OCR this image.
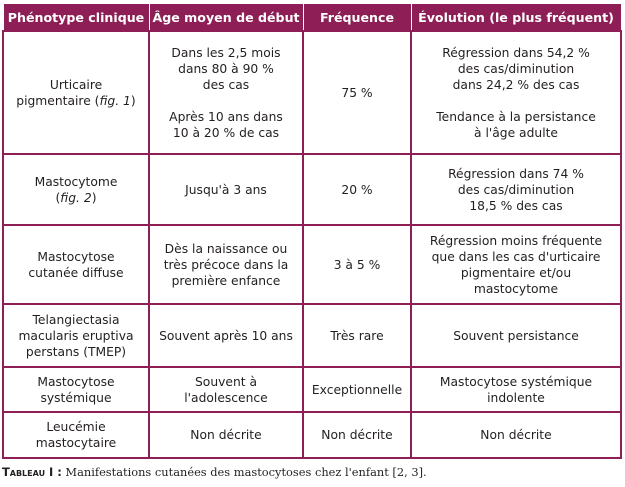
Phénotype clinique	Âge moyen de début	Fréquence	Évolution (le plus fréquent)

Urticaire
pigmentaire (fig. 1)	Dans les 2,5 mois
dans 80 à 90 %
des cas
Après 10 ans dans
10 à 20 % de cas	75 %	Régression dans 54,2 %
des cas/diminution
dans 24,2 % des cas
Tendance à la persistance
à l'âge adulte

Mastocytome
(fig. 2)	Jusqu'à 3 ans	20 %	Régression dans 74 %
des cas/diminution
18,5 % des cas

Mastocytose
cutanée diffuse	Dès la naissance ou
très précoce dans la
première enfance	3 à 5 %	Régression moins fréquente
que dans les cas d'urticaire
pigmentaire et/ou
mastocytome

Telangiectasia
macularis eruptiva
perstans (TMEP)	Souvent après 10 ans	Très rare	Souvent persistance

Mastocytose
systémique	Souvent à
l'adolescence	Exceptionnelle	Mastocytose systémique
indolente

Leucémie
mastocytaire	Non décrite	Non décrite	Non décrite
Tableau I : Manifestations cutanées des mastocytoses chez l'enfant [2, 3].
